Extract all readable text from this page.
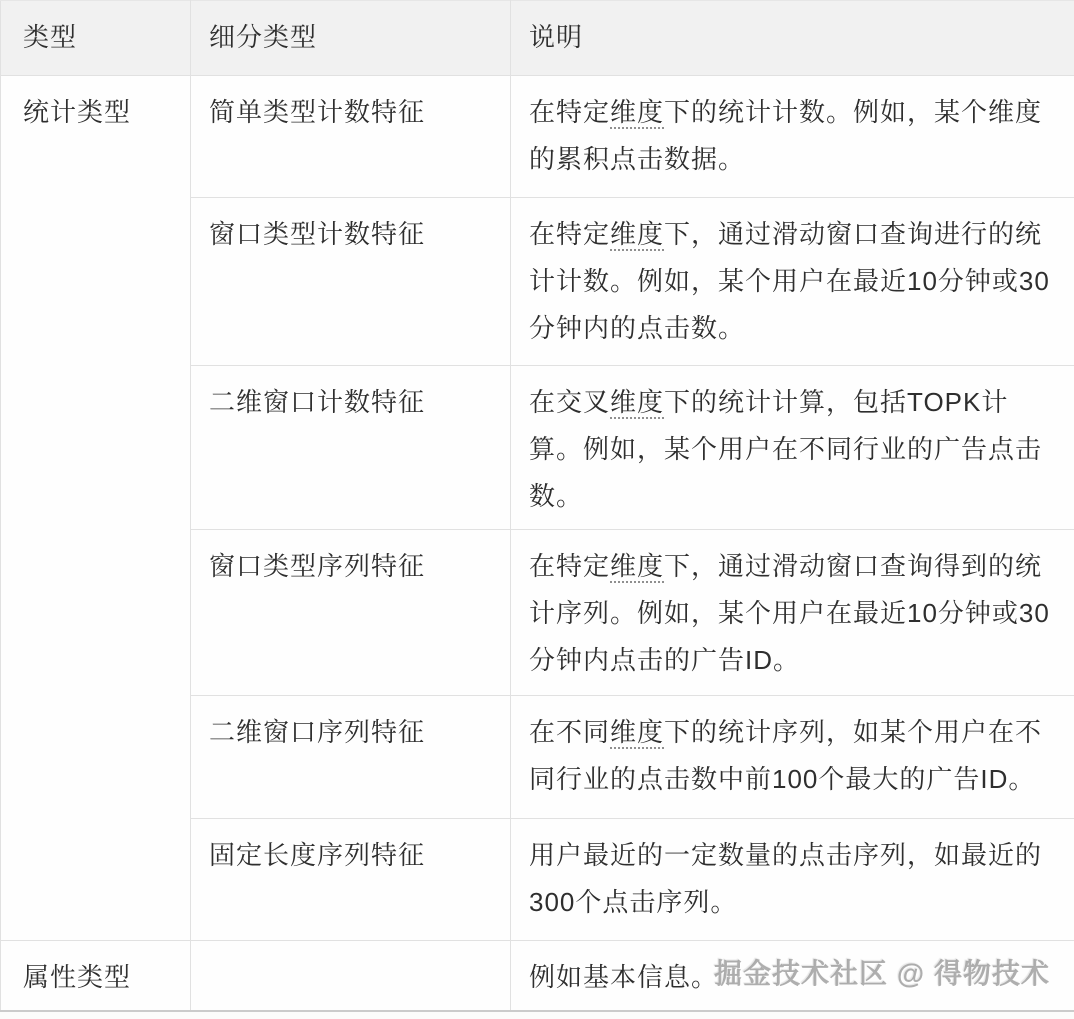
类型	细分类型	说明
统计类型	简单类型计数特征	在特定维度下的统计计数。例如，某个维度的累积点击数据。
	窗口类型计数特征	在特定维度下，通过滑动窗口查询进行的统计计数。例如，某个用户在最近10分钟或30分钟内的点击数。
	二维窗口计数特征	在交叉维度下的统计计算，包括TOPK计算。例如，某个用户在不同行业的广告点击数。
	窗口类型序列特征	在特定维度下，通过滑动窗口查询得到的统计序列。例如，某个用户在最近10分钟或30分钟内点击的广告ID。
	二维窗口序列特征	在不同维度下的统计序列，如某个用户在不同行业的点击数中前100个最大的广告ID。
	固定长度序列特征	用户最近的一定数量的点击序列，如最近的300个点击序列。
属性类型		例如基本信息。
掘金技术社区 @ 得物技术
